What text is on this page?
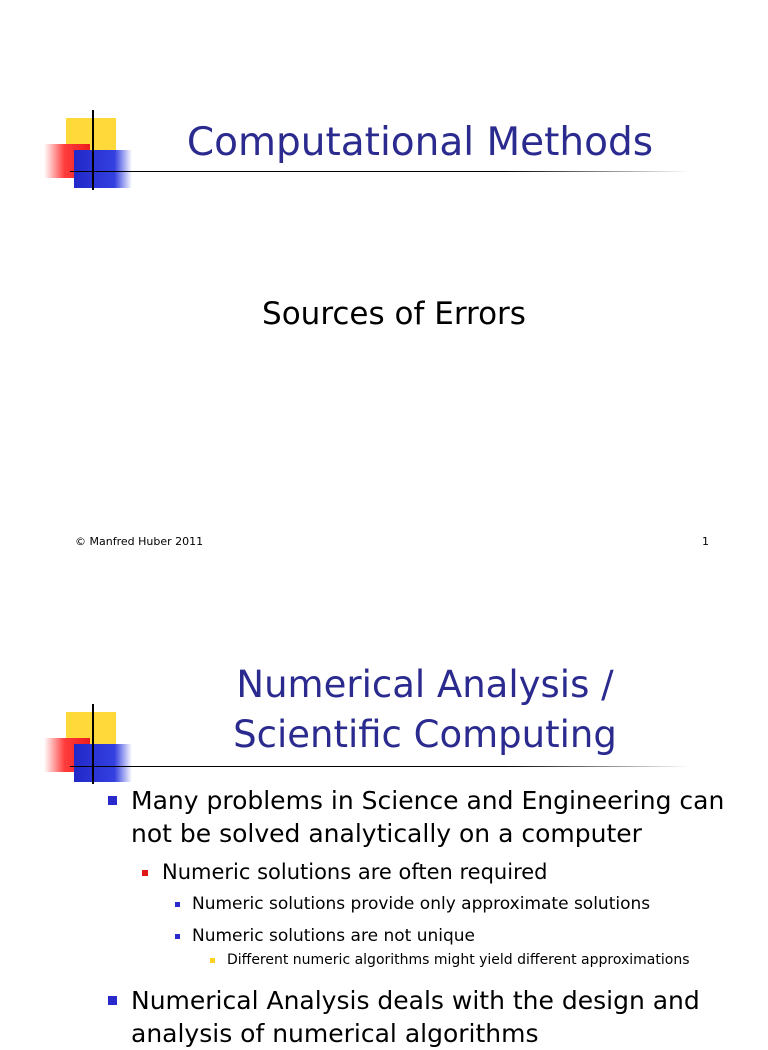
Computational Methods
Sources of Errors
© Manfred Huber 2011	1
Numerical Analysis /
Scientific Computing
Many problems in Science and Engineering can
not be solved analytically on a computer
Numeric solutions are often required
Numeric solutions provide only approximate solutions
Numeric solutions are not unique
Different numeric algorithms might yield different approximations
Numerical Analysis deals with the design and
analysis of numerical algorithms
